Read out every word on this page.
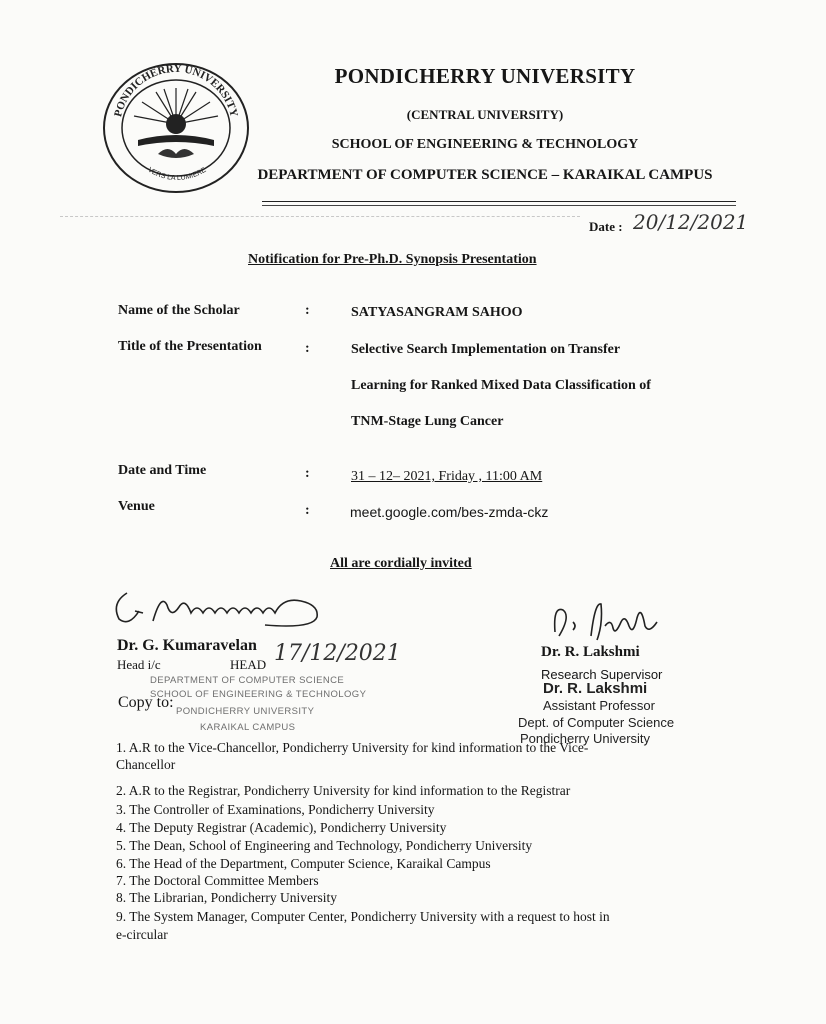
PONDICHERRY UNIVERSITY
VERS LA LUMIERE
PONDICHERRY UNIVERSITY
(CENTRAL UNIVERSITY)
SCHOOL OF ENGINEERING & TECHNOLOGY
DEPARTMENT OF COMPUTER SCIENCE – KARAIKAL CAMPUS
Date : 20/12/2021
Notification for Pre-Ph.D. Synopsis Presentation
Name of the Scholar	:	SATYASANGRAM SAHOO
Title of the Presentation	:	Selective Search Implementation on Transfer
Learning for Ranked Mixed Data Classification of
TNM-Stage Lung Cancer
Date and Time	:	31 – 12– 2021, Friday , 11:00 AM
Venue	:	meet.google.com/bes-zmda-ckz
All are cordially invited
17/12/2021
Dr. G. Kumaravelan
Head i/c	HEAD
DEPARTMENT OF COMPUTER SCIENCE
SCHOOL OF ENGINEERING & TECHNOLOGY
PONDICHERRY UNIVERSITY
KARAIKAL CAMPUS
Copy to:
Dr. R. Lakshmi
Research Supervisor
Dr. R. Lakshmi
Assistant Professor
Dept. of Computer Science
Pondicherry University
1. A.R to the Vice-Chancellor, Pondicherry University for kind information to the Vice-
Chancellor
2. A.R to the Registrar, Pondicherry University for kind information to the Registrar
3. The Controller of Examinations, Pondicherry University
4. The Deputy Registrar (Academic), Pondicherry University
5. The Dean, School of Engineering and Technology, Pondicherry University
6. The Head of the Department, Computer Science, Karaikal Campus
7. The Doctoral Committee Members
8. The Librarian, Pondicherry University
9. The System Manager, Computer Center, Pondicherry University with a request to host in
e-circular
